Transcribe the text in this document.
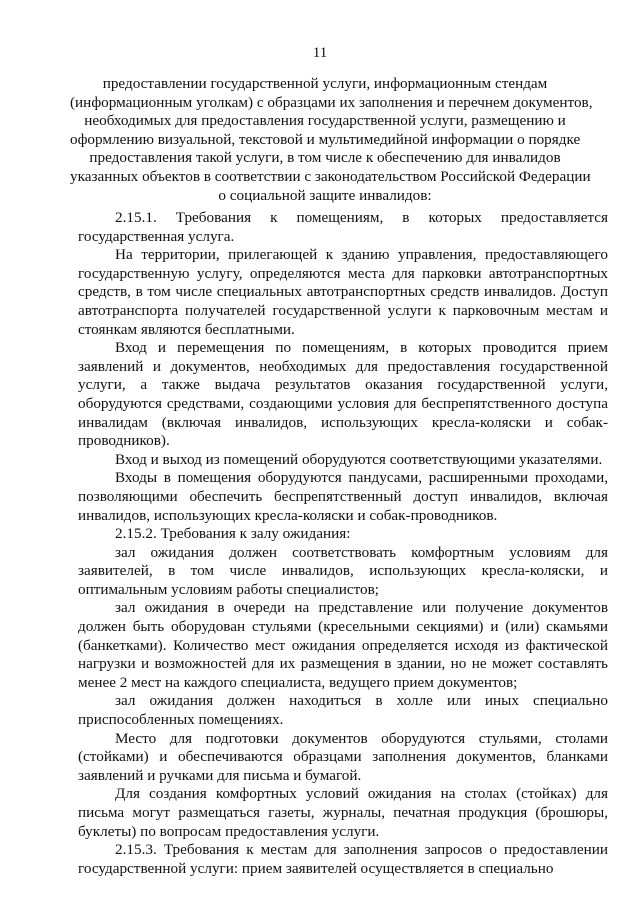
11
предоставлении государственной услуги, информационным стендам
(информационным уголкам) с образцами их заполнения и перечнем документов,
необходимых для предоставления государственной услуги, размещению и
оформлению визуальной, текстовой и мультимедийной информации о порядке
предоставления такой услуги, в том числе к обеспечению для инвалидов
указанных объектов в соответствии с законодательством Российской Федерации
о социальной защите инвалидов:

2.15.1. Требования к помещениям, в которых предоставляется государственная услуга.

На территории, прилегающей к зданию управления, предоставляющего государственную услугу, определяются места для парковки автотранспортных средств, в том числе специальных автотранспортных средств инвалидов. Доступ автотранспорта получателей государственной услуги к парковочным местам и стоянкам являются бесплатными.

Вход и перемещения по помещениям, в которых проводится прием заявлений и документов, необходимых для предоставления государственной услуги, а также выдача результатов оказания государственной услуги, оборудуются средствами, создающими условия для беспрепятственного доступа инвалидам (включая инвалидов, использующих кресла-коляски и собак-проводников).

Вход и выход из помещений оборудуются соответствующими указателями.

Входы в помещения оборудуются пандусами, расширенными проходами, позволяющими обеспечить беспрепятственный доступ инвалидов, включая инвалидов, использующих кресла-коляски и собак-проводников.

2.15.2. Требования к залу ожидания:

зал ожидания должен соответствовать комфортным условиям для заявителей, в том числе инвалидов, использующих кресла-коляски, и оптимальным условиям работы специалистов;

зал ожидания в очереди на представление или получение документов должен быть оборудован стульями (кресельными секциями) и (или) скамьями (банкетками). Количество мест ожидания определяется исходя из фактической нагрузки и возможностей для их размещения в здании, но не может составлять менее 2 мест на каждого специалиста, ведущего прием документов;

зал ожидания должен находиться в холле или иных специально приспособленных помещениях.

Место для подготовки документов оборудуются стульями, столами (стойками) и обеспечиваются образцами заполнения документов, бланками заявлений и ручками для письма и бумагой.

Для создания комфортных условий ожидания на столах (стойках) для письма могут размещаться газеты, журналы, печатная продукция (брошюры, буклеты) по вопросам предоставления услуги.

2.15.3. Требования к местам для заполнения запросов о предоставлении государственной услуги: прием заявителей осуществляется в специально
